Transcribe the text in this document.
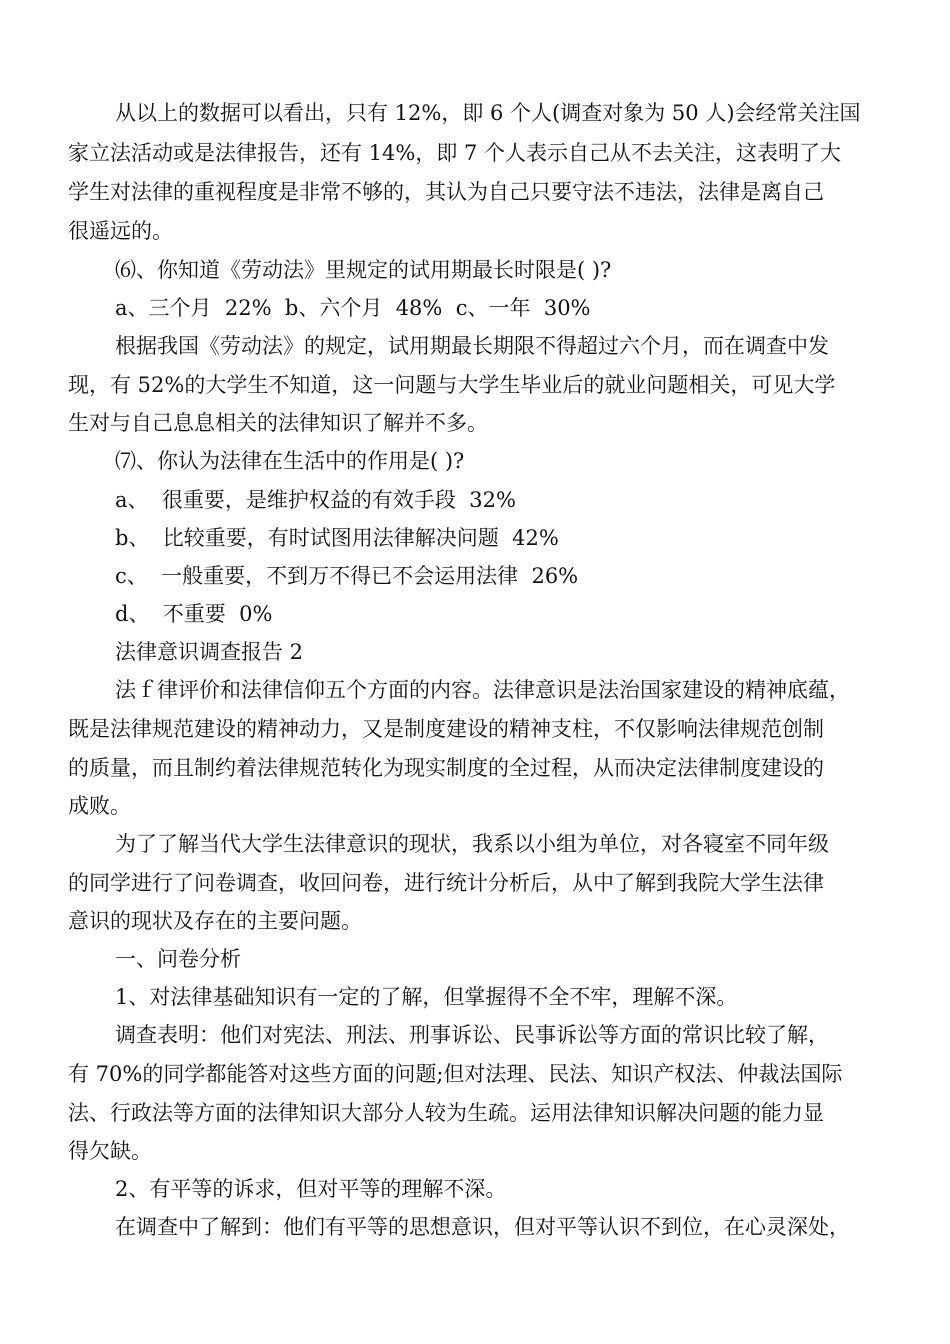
从以上的数据可以看出，只有 12%，即 6 个人(调查对象为 50 人)会经常关注国
家立法活动或是法律报告，还有 14%，即 7 个人表示自己从不去关注，这表明了大
学生对法律的重视程度是非常不够的，其认为自己只要守法不违法，法律是离自己
很遥远的。
⑹、你知道《劳动法》里规定的试用期最长时限是( )?
a、三个月  22%  b、六个月  48%  c、一年  30%
根据我国《劳动法》的规定，试用期最长期限不得超过六个月，而在调查中发
现，有 52%的大学生不知道，这一问题与大学生毕业后的就业问题相关，可见大学
生对与自己息息相关的法律知识了解并不多。
⑺、你认为法律在生活中的作用是( )?
a、  很重要，是维护权益的有效手段  32%
b、  比较重要，有时试图用法律解决问题  42%
c、  一般重要，不到万不得已不会运用法律  26%
d、  不重要  0%
法律意识调查报告 2
法ｆ律评价和法律信仰五个方面的内容。法律意识是法治国家建设的精神底蕴，
既是法律规范建设的精神动力，又是制度建设的精神支柱，不仅影响法律规范创制
的质量，而且制约着法律规范转化为现实制度的全过程，从而决定法律制度建设的
成败。
为了了解当代大学生法律意识的现状，我系以小组为单位，对各寝室不同年级
的同学进行了问卷调查，收回问卷，进行统计分析后，从中了解到我院大学生法律
意识的现状及存在的主要问题。
一、问卷分析
1、对法律基础知识有一定的了解，但掌握得不全不牢，理解不深。
调查表明：他们对宪法、刑法、刑事诉讼、民事诉讼等方面的常识比较了解，
有 70%的同学都能答对这些方面的问题;但对法理、民法、知识产权法、仲裁法国际
法、行政法等方面的法律知识大部分人较为生疏。运用法律知识解决问题的能力显
得欠缺。
2、有平等的诉求，但对平等的理解不深。
在调查中了解到：他们有平等的思想意识，但对平等认识不到位，在心灵深处，
